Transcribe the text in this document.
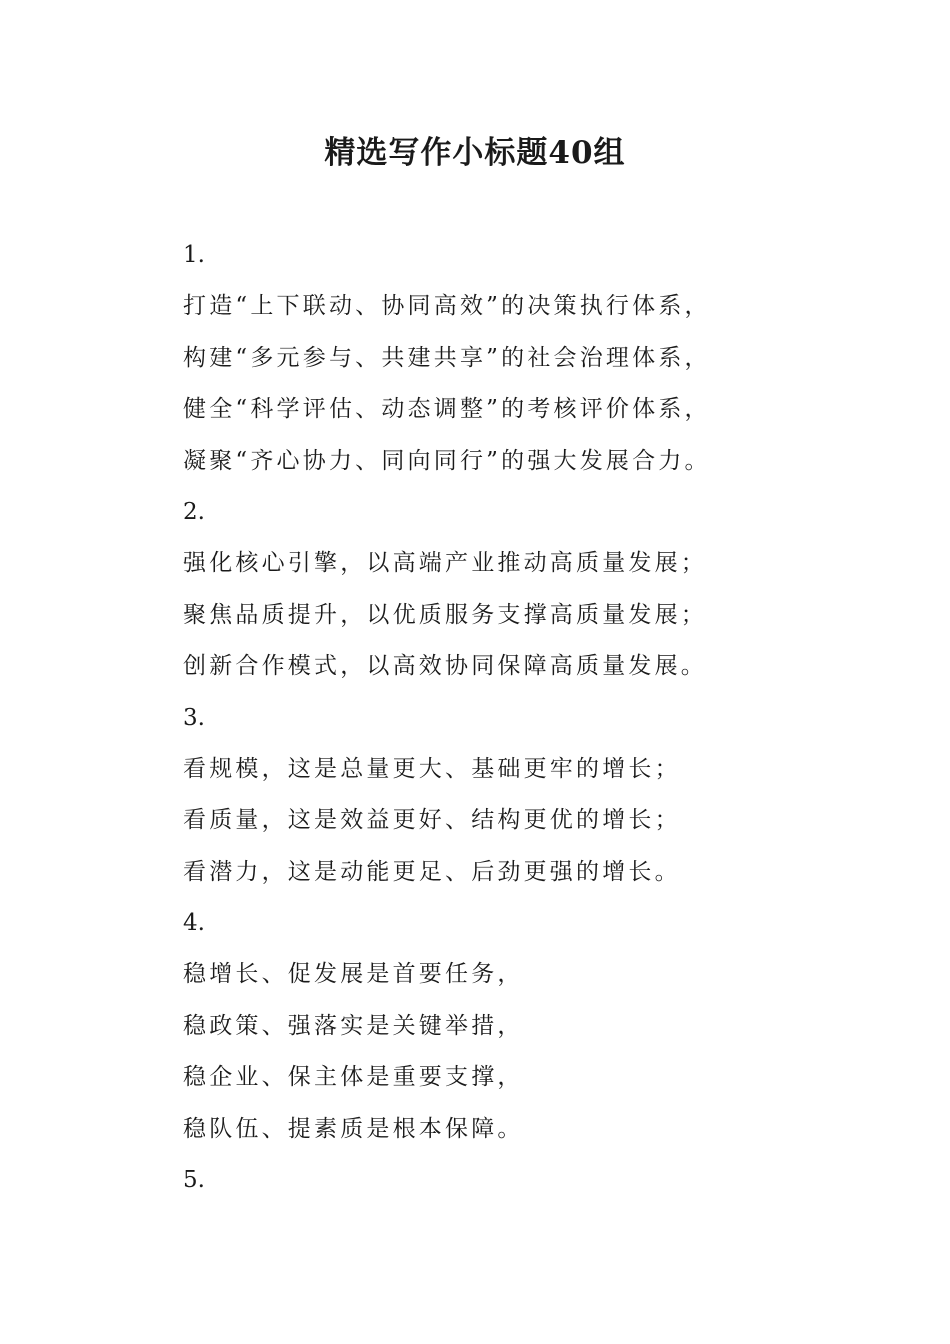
精选写作小标题40组

1.

打造“上下联动、协同高效”的决策执行体系，

构建“多元参与、共建共享”的社会治理体系，

健全“科学评估、动态调整”的考核评价体系，

凝聚“齐心协力、同向同行”的强大发展合力。

2.

强化核心引擎，以高端产业推动高质量发展；

聚焦品质提升，以优质服务支撑高质量发展；

创新合作模式，以高效协同保障高质量发展。

3.

看规模，这是总量更大、基础更牢的增长；

看质量，这是效益更好、结构更优的增长；

看潜力，这是动能更足、后劲更强的增长。

4.

稳增长、促发展是首要任务，

稳政策、强落实是关键举措，

稳企业、保主体是重要支撑，

稳队伍、提素质是根本保障。

5.
